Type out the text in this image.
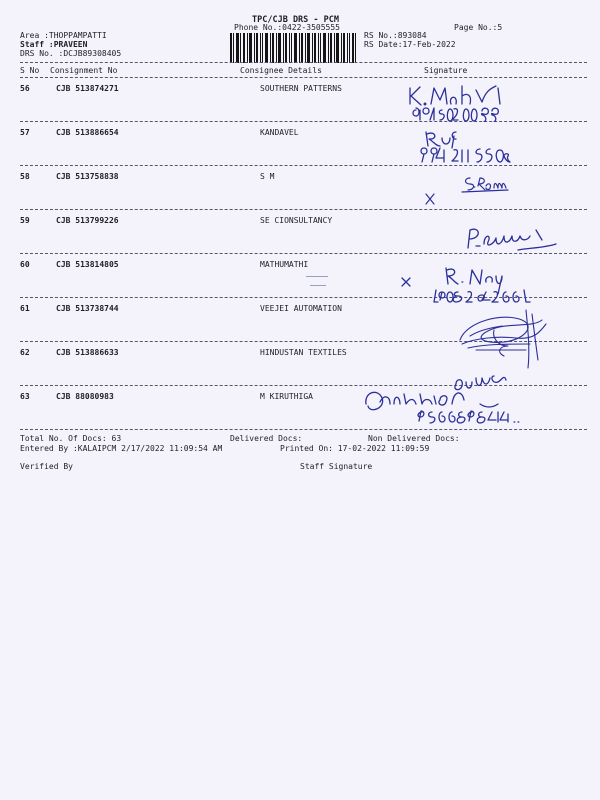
TPC/CJB DRS - PCM
Phone No.:0422-3505555	Page No.:5
Area :THOPPAMPATTI
Staff :PRAVEEN
DRS No. :DCJB89308405
RS No.:893084
RS Date:17-Feb-2022
S No Consignment No	Consignee Details	Signature
56	CJB 513874271	SOUTHERN PATTERNS
57	CJB 513886654	KANDAVEL
58	CJB 513758838	S M
59	CJB 513799226	SE CIONSULTANCY
60	CJB 513814805	MATHUMATHI
61	CJB 513738744	VEEJEI AUTOMATION
62	CJB 513886633	HINDUSTAN TEXTILES
63	CJB 88080983	M KIRUTHIGA
Total No. Of Docs: 63	Delivered Docs:	Non Delivered Docs:
Entered By :KALAIPCM 2/17/2022 11:09:54 AM	Printed On: 17-02-2022 11:09:59
Verified By	Staff Signature
